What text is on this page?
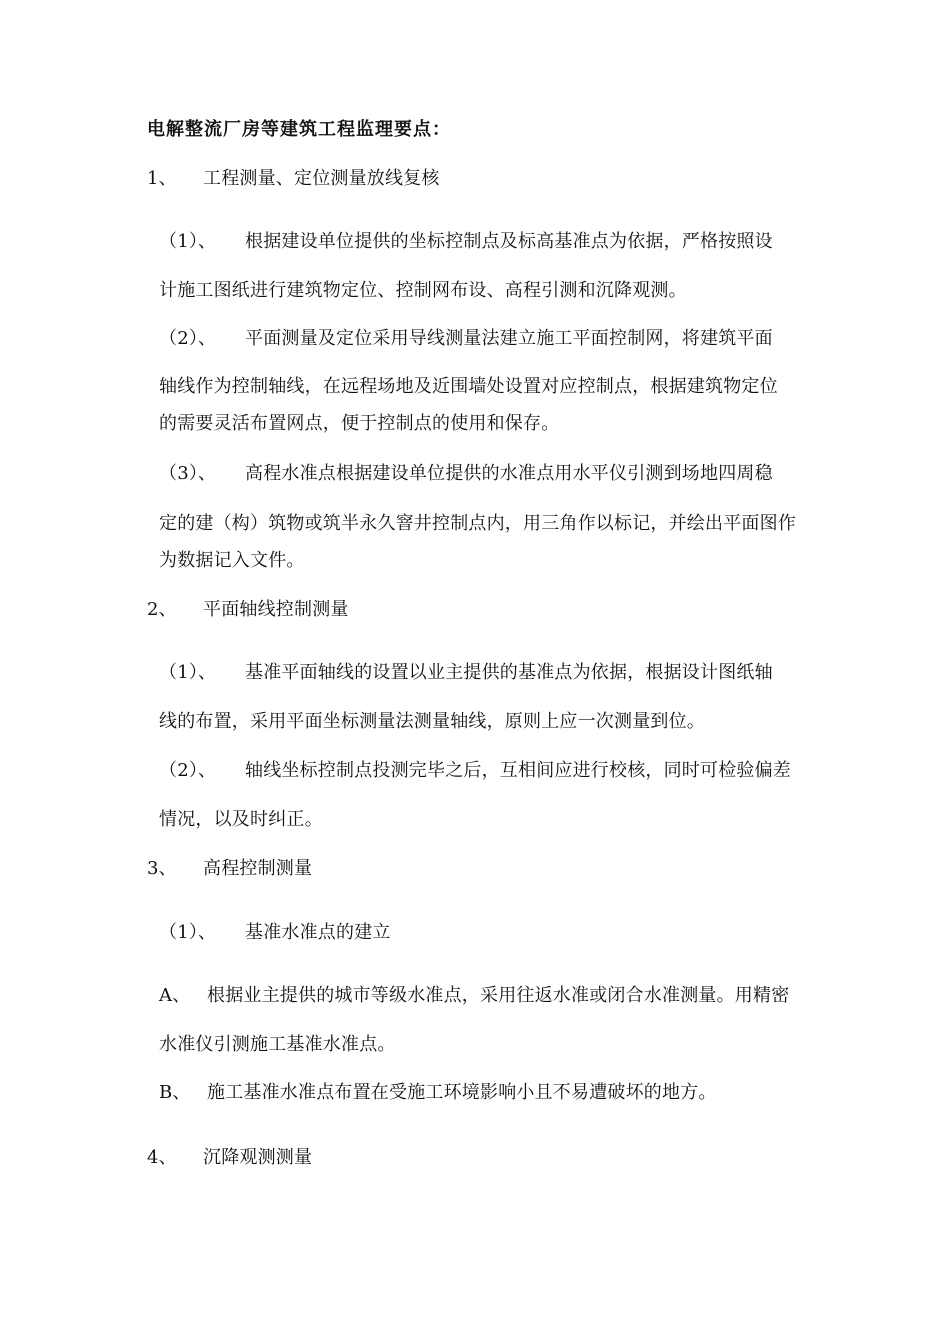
电解整流厂房等建筑工程监理要点：
1、 工程测量、定位测量放线复核
（1）、 根据建设单位提供的坐标控制点及标高基准点为依据，严格按照设
计施工图纸进行建筑物定位、控制网布设、高程引测和沉降观测。
（2）、 平面测量及定位采用导线测量法建立施工平面控制网，将建筑平面
轴线作为控制轴线，在远程场地及近围墙处设置对应控制点，根据建筑物定位
的需要灵活布置网点，便于控制点的使用和保存。
（3）、 高程水准点根据建设单位提供的水准点用水平仪引测到场地四周稳
定的建（构）筑物或筑半永久窨井控制点内，用三角作以标记，并绘出平面图作
为数据记入文件。
2、 平面轴线控制测量
（1）、 基准平面轴线的设置以业主提供的基准点为依据，根据设计图纸轴
线的布置，采用平面坐标测量法测量轴线，原则上应一次测量到位。
（2）、 轴线坐标控制点投测完毕之后，互相间应进行校核，同时可检验偏差
情况，以及时纠正。
3、 高程控制测量
（1）、 基准水准点的建立
A、 根据业主提供的城市等级水准点，采用往返水准或闭合水准测量。用精密
水准仪引测施工基准水准点。
B、 施工基准水准点布置在受施工环境影响小且不易遭破坏的地方。
4、 沉降观测测量
